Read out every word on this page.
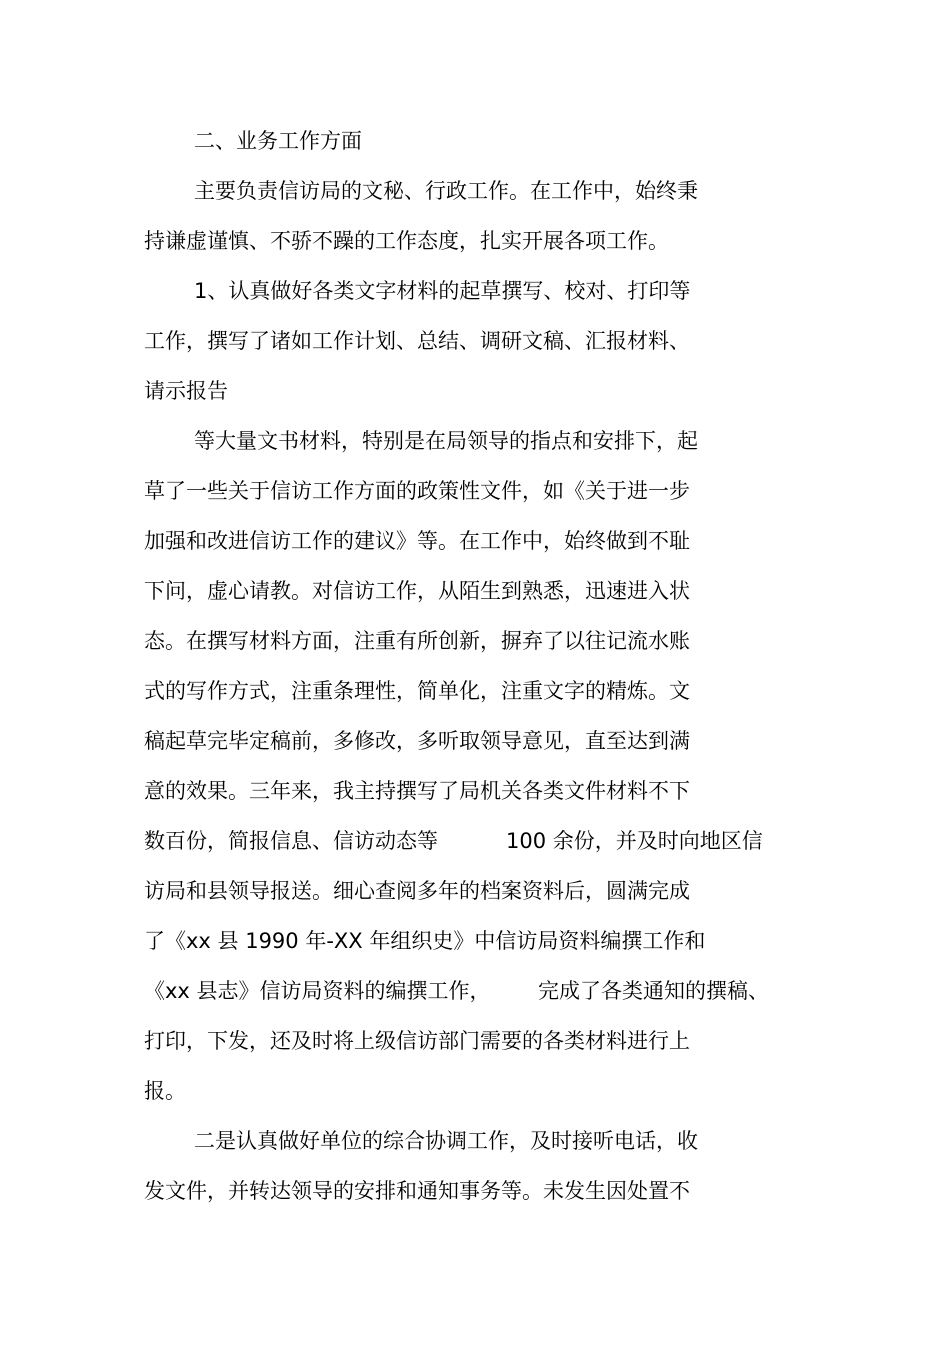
二、业务工作方面

主要负责信访局的文秘、行政工作。在工作中，始终秉

持谦虚谨慎、不骄不躁的工作态度，扎实开展各项工作。

1、认真做好各类文字材料的起草撰写、校对、打印等

工作，撰写了诸如工作计划、总结、调研文稿、汇报材料、

请示报告

等大量文书材料，特别是在局领导的指点和安排下，起

草了一些关于信访工作方面的政策性文件，如《关于进一步

加强和改进信访工作的建议》等。在工作中，始终做到不耻

下问，虚心请教。对信访工作，从陌生到熟悉，迅速进入状

态。在撰写材料方面，注重有所创新，摒弃了以往记流水账

式的写作方式，注重条理性，简单化，注重文字的精炼。文

稿起草完毕定稿前，多修改，多听取领导意见，直至达到满

意的效果。三年来，我主持撰写了局机关各类文件材料不下

数百份，简报信息、信访动态等

	100 余份，并及时向地区信

访局和县领导报送。细心查阅多年的档案资料后，圆满完成

了《xx 县 1990 年-XX 年组织史》中信访局资料编撰工作和

《xx 县志》信访局资料的编撰工作，

完成了各类通知的撰稿、

打印，下发，还及时将上级信访部门需要的各类材料进行上

报。

二是认真做好单位的综合协调工作，及时接听电话，收

发文件，并转达领导的安排和通知事务等。未发生因处置不
